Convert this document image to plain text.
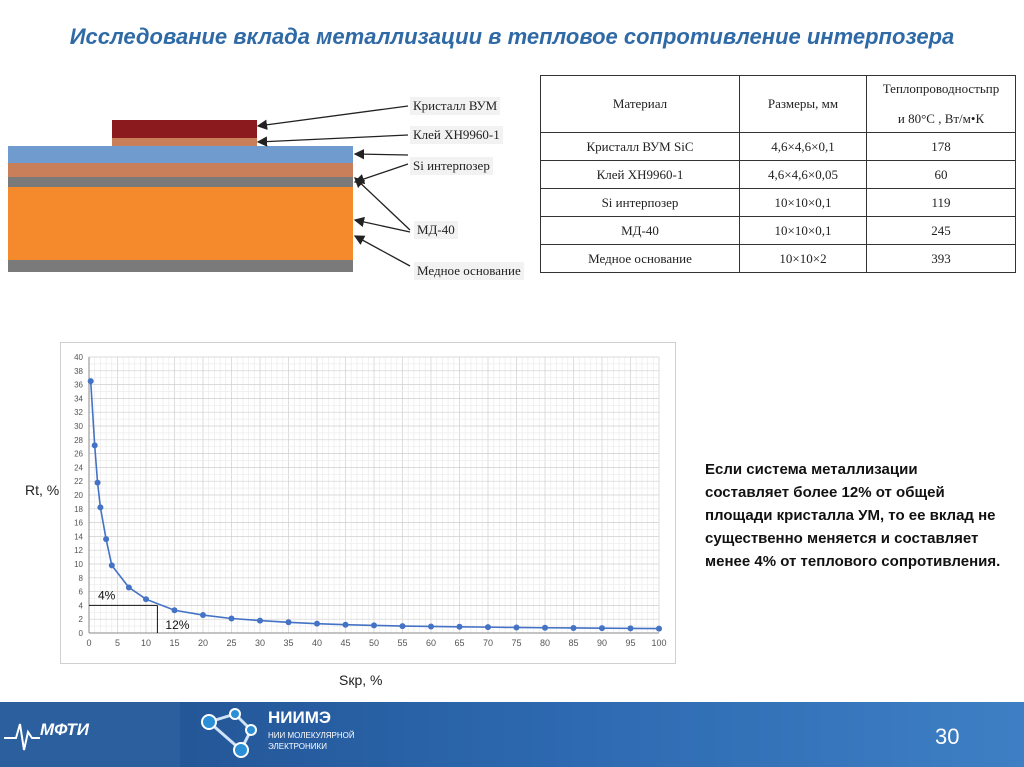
Исследование вклада металлизации в тепловое сопротивление интерпозера
Кристалл ВУМ
Клей ХН9960-1
Si интерпозер
МД-40
Медное основание
Материал	Размеры, мм	Теплопроводностьпр
и 80°С , Вт/м•К
Кристалл ВУМ SiC	4,6×4,6×0,1	178
Клей ХН9960-1	4,6×4,6×0,05	60
Si интерпозер	10×10×0,1	119
МД-40	10×10×0,1	245
Медное основание	10×10×2	393
0
2
4
6
8
10
12
14
16
18
20
22
24
26
28
30
32
34
36
38
40
0	5 10 15 20 25 30 35 40 45 50 55 60 65 70 75 80 85 90 95 100
Rt, %
Sкр, %
4%
12%
Если система металлизации составляет более 12% от общей площади кристалла УМ, то ее вклад не существенно меняется и составляет менее 4% от теплового сопротивления.
МФТИ
НИИМЭ
НИИ МОЛЕКУЛЯРНОЙ
ЭЛЕКТРОНИКИ	30
